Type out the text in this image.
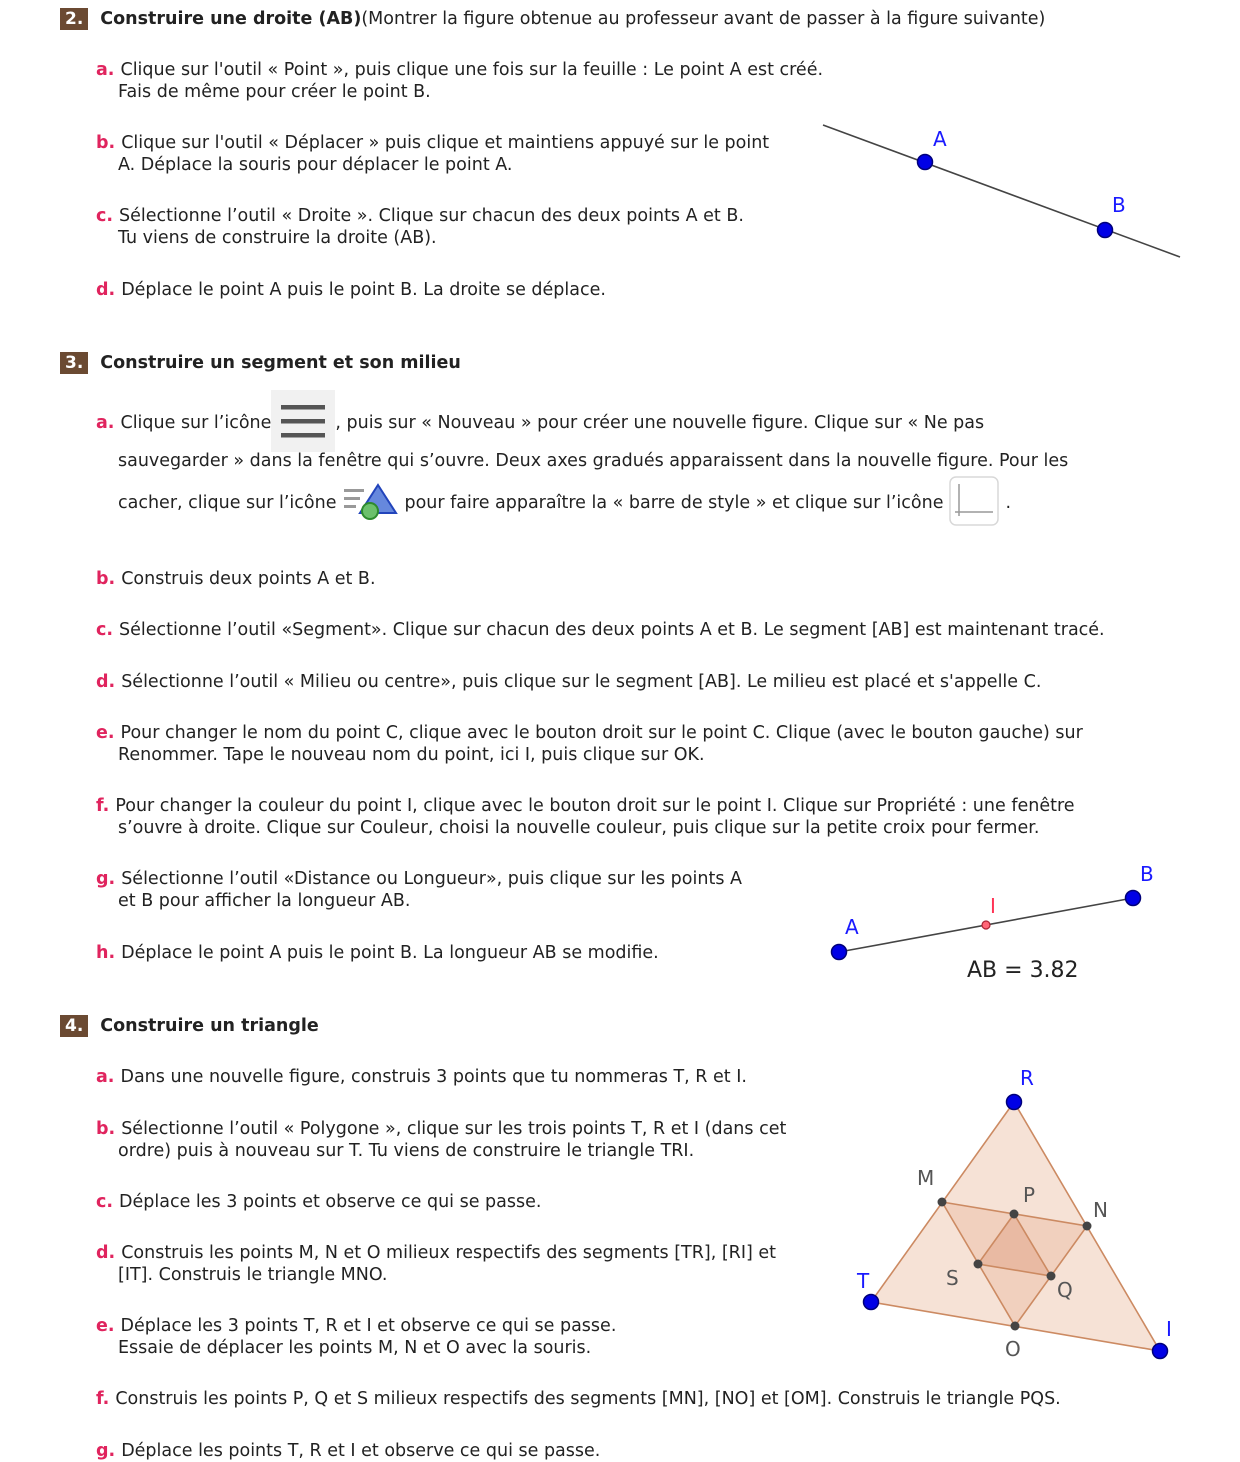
2. Construire une droite (AB) (Montrer la figure obtenue au professeur avant de passer à la figure suivante)
a. Clique sur l'outil « Point », puis clique une fois sur la feuille : Le point A est créé.
Fais de même pour créer le point B.
b. Clique sur l'outil « Déplacer » puis clique et maintiens appuyé sur le point
A. Déplace la souris pour déplacer le point A.
c. Sélectionne l’outil « Droite ». Clique sur chacun des deux points A et B.
Tu viens de construire la droite (AB).
d. Déplace le point A puis le point B. La droite se déplace.
A
B
3. Construire un segment et son milieu
a. Clique sur l’icône	, puis sur « Nouveau » pour créer une nouvelle figure. Clique sur « Ne pas
sauvegarder » dans la fenêtre qui s’ouvre. Deux axes gradués apparaissent dans la nouvelle figure. Pour les
cacher, clique sur l’icône	pour faire apparaître la « barre de style » et clique sur l’icône	.
b. Construis deux points A et B.
c. Sélectionne l’outil «Segment». Clique sur chacun des deux points A et B. Le segment [AB] est maintenant tracé.
d. Sélectionne l’outil « Milieu ou centre», puis clique sur le segment [AB]. Le milieu est placé et s'appelle C.
e. Pour changer le nom du point C, clique avec le bouton droit sur le point C. Clique (avec le bouton gauche) sur
Renommer. Tape le nouveau nom du point, ici I, puis clique sur OK.
f. Pour changer la couleur du point I, clique avec le bouton droit sur le point I. Clique sur Propriété : une fenêtre
s’ouvre à droite. Clique sur Couleur, choisi la nouvelle couleur, puis clique sur la petite croix pour fermer.
g. Sélectionne l’outil «Distance ou Longueur», puis clique sur les points A
et B pour afficher la longueur AB.
h. Déplace le point A puis le point B. La longueur AB se modifie.
A
B
I
AB = 3.82
4. Construire un triangle
a. Dans une nouvelle figure, construis 3 points que tu nommeras T, R et I.
b. Sélectionne l’outil « Polygone », clique sur les trois points T, R et I (dans cet
ordre) puis à nouveau sur T. Tu viens de construire le triangle TRI.
c. Déplace les 3 points et observe ce qui se passe.
d. Construis les points M, N et O milieux respectifs des segments [TR], [RI] et
[IT]. Construis le triangle MNO.
e. Déplace les 3 points T, R et I et observe ce qui se passe.
Essaie de déplacer les points M, N et O avec la souris.
f. Construis les points P, Q et S milieux respectifs des segments [MN], [NO] et [OM]. Construis le triangle PQS.
g. Déplace les points T, R et I et observe ce qui se passe.
R
T
I
M
N
O
P
Q
S
